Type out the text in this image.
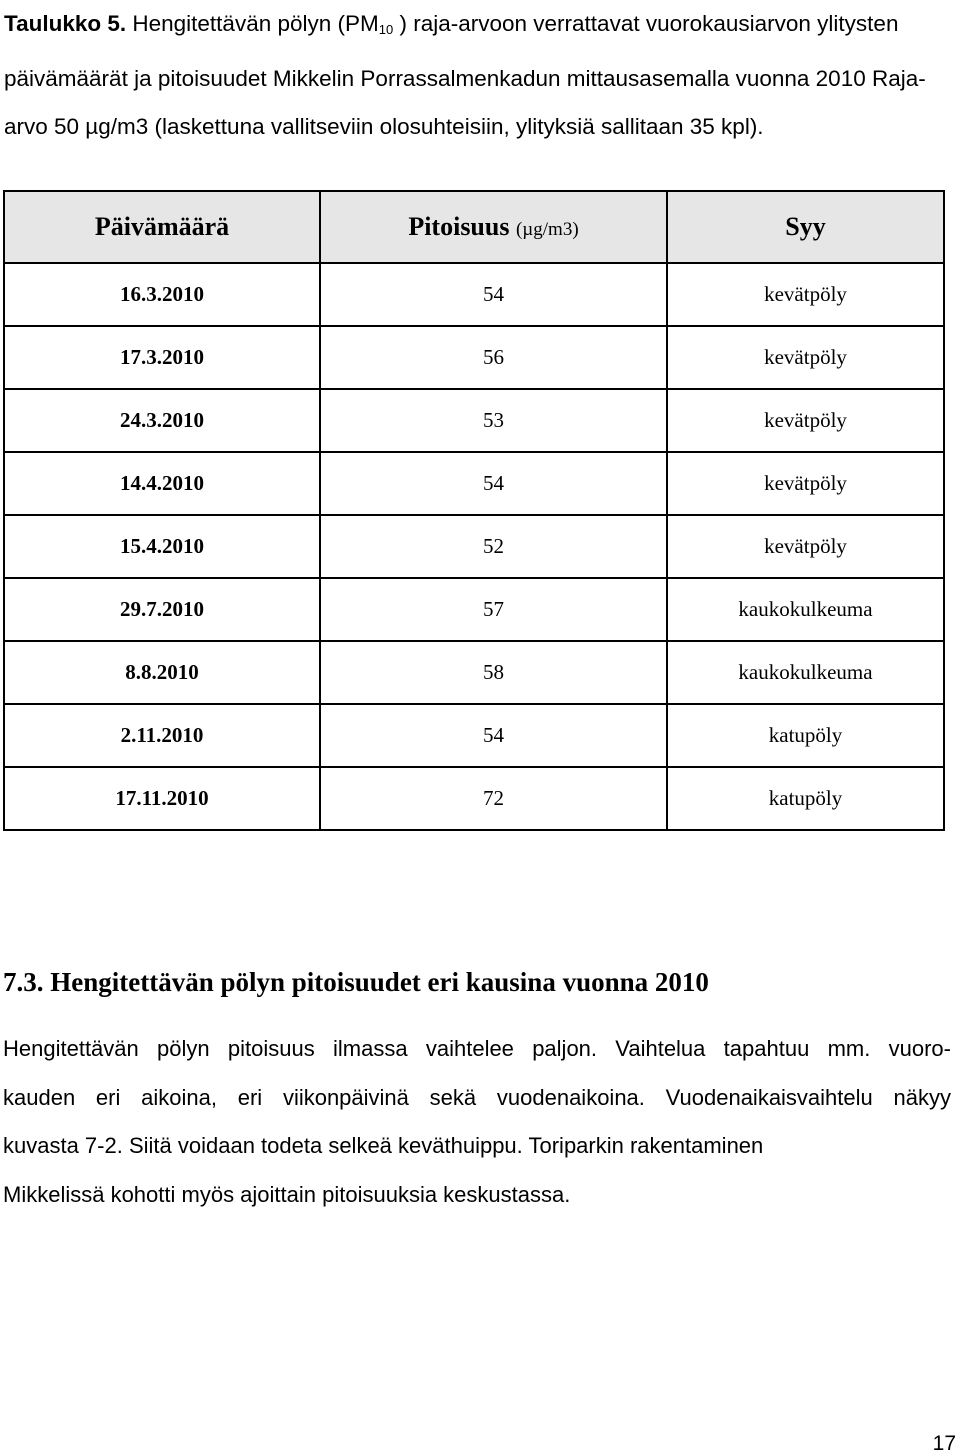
Taulukko 5. Hengitettävän pölyn ($PM_{10}$ ) raja-arvoon verrattavat vuorokausiarvon ylitysten päivämäärät ja pitoisuudet Mikkelin Porrassalmenkadun mittausasemalla vuonna 2010 Raja-arvo 50 µg/m3 (laskettuna vallitseviin olosuhteisiin, ylityksiä sallitaan 35 kpl).
Päivämäärä	Pitoisuus (µg/m3)	Syy
16.3.2010	54	kevätpöly
17.3.2010	56	kevätpöly
24.3.2010	53	kevätpöly
14.4.2010	54	kevätpöly
15.4.2010	52	kevätpöly
29.7.2010	57	kaukokulkeuma
8.8.2010	58	kaukokulkeuma
2.11.2010	54	katupöly
17.11.2010	72	katupöly
7.3. Hengitettävän pölyn pitoisuudet eri kausina vuonna 2010
Hengitettävän pölyn pitoisuus ilmassa vaihtelee paljon. Vaihtelua tapahtuu mm. vuoro-
kauden eri aikoina, eri viikonpäivinä sekä vuodenaikoina. Vuodenaikaisvaihtelu näkyy
kuvasta 7-2. Siitä voidaan todeta selkeä keväthuippu. Toriparkin rakentaminen
Mikkelissä kohotti myös ajoittain pitoisuuksia keskustassa.
17
